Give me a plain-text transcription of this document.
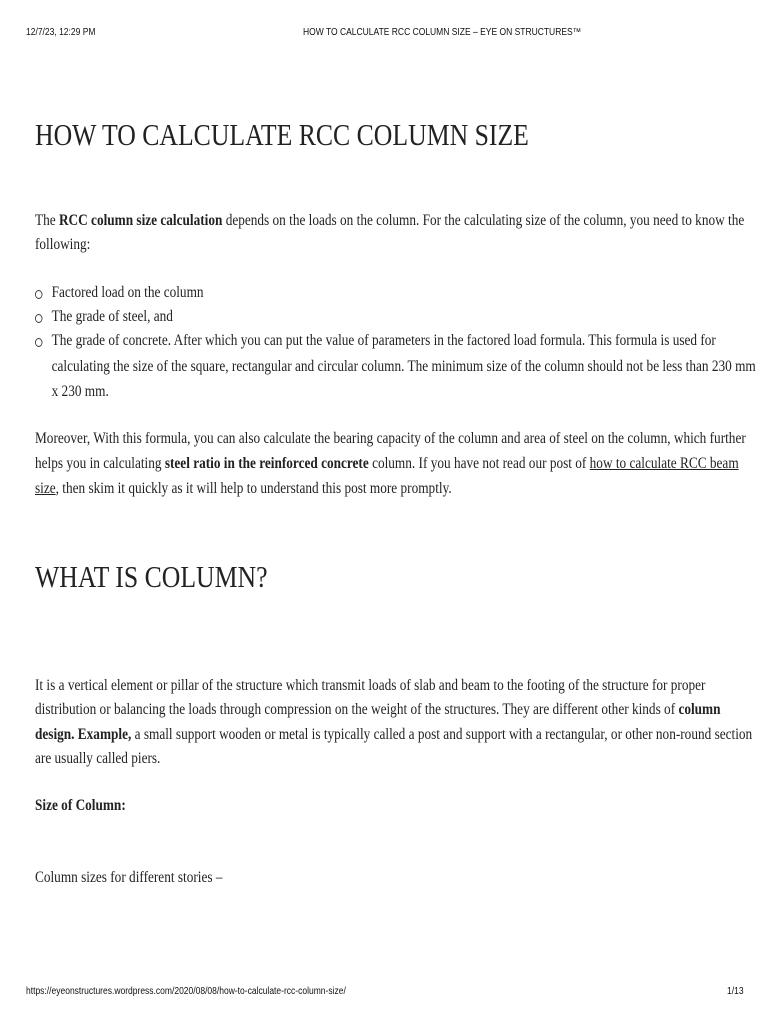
12/7/23, 12:29 PM	HOW TO CALCULATE RCC COLUMN SIZE – EYE ON STRUCTURES™
HOW TO CALCULATE RCC COLUMN SIZE
The RCC column size calculation depends on the loads on the column. For the calculating size of the column, you need to know the
following:
Factored load on the column
The grade of steel, and
The grade of concrete. After which you can put the value of parameters in the factored load formula. This formula is used for
calculating the size of the square, rectangular and circular column. The minimum size of the column should not be less than 230 mm
x 230 mm.
Moreover, With this formula, you can also calculate the bearing capacity of the column and area of steel on the column, which further
helps you in calculating steel ratio in the reinforced concrete column. If you have not read our post of how to calculate RCC beam
size, then skim it quickly as it will help to understand this post more promptly.
WHAT IS COLUMN?
It is a vertical element or pillar of the structure which transmit loads of slab and beam to the footing of the structure for proper
distribution or balancing the loads through compression on the weight of the structures. They are different other kinds of column
design. Example, a small support wooden or metal is typically called a post and support with a rectangular, or other non-round section
are usually called piers.
Size of Column:
Column sizes for different stories –
https://eyeonstructures.wordpress.com/2020/08/08/how-to-calculate-rcc-column-size/	1/13
